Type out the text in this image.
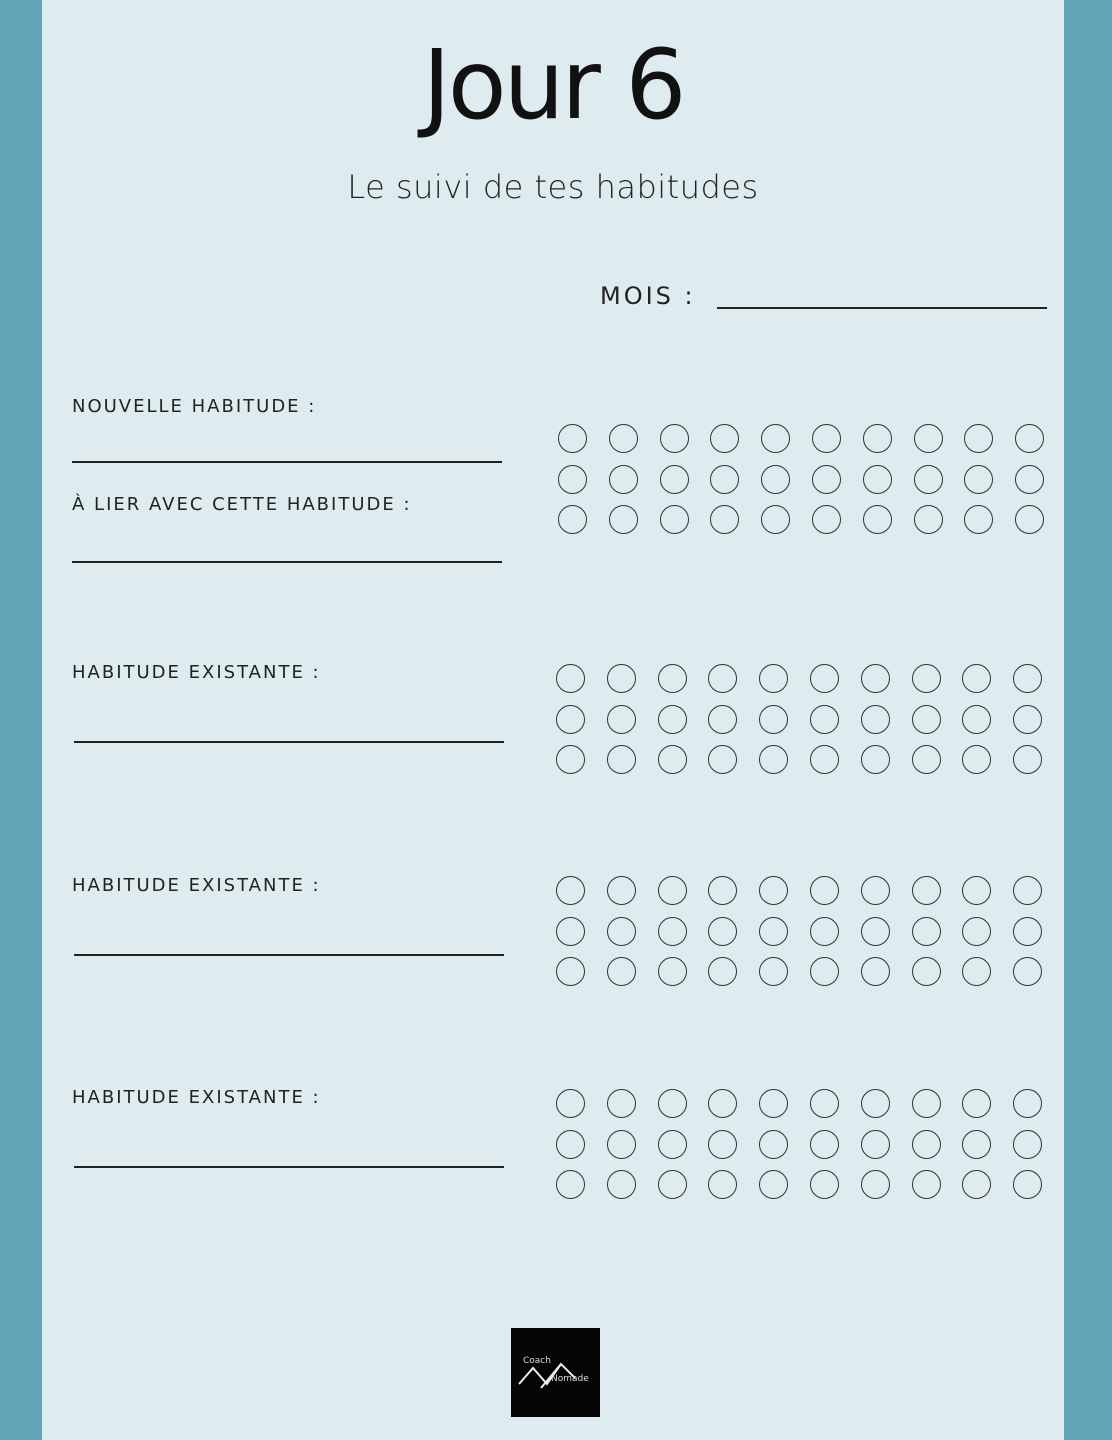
Jour 6
Le suivi de tes habitudes
MOIS :
NOUVELLE HABITUDE :
À LIER AVEC CETTE HABITUDE :
HABITUDE EXISTANTE :
HABITUDE EXISTANTE :
HABITUDE EXISTANTE :
Coach
Nomade
